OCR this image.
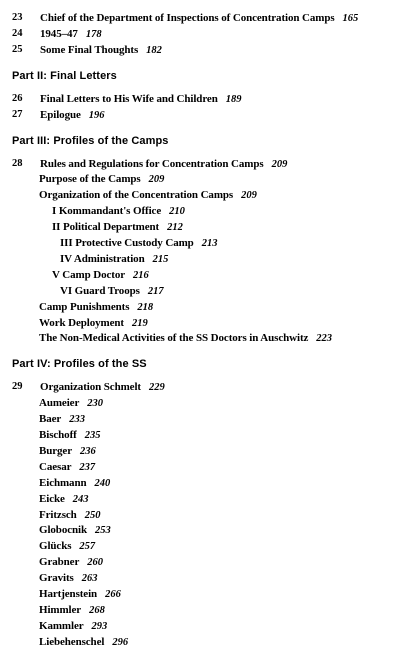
23 Chief of the Department of Inspections of Concentration Camps 165
24 1945–47 178
25 Some Final Thoughts 182
Part II: Final Letters
26 Final Letters to His Wife and Children 189
27 Epilogue 196
Part III: Profiles of the Camps
28 Rules and Regulations for Concentration Camps 209
Purpose of the Camps 209
Organization of the Concentration Camps 209
I Kommandant's Office 210
II Political Department 212
III Protective Custody Camp 213
IV Administration 215
V Camp Doctor 216
VI Guard Troops 217
Camp Punishments 218
Work Deployment 219
The Non-Medical Activities of the SS Doctors in Auschwitz 223
Part IV: Profiles of the SS
29 Organization Schmelt 229
Aumeier 230
Baer 233
Bischoff 235
Burger 236
Caesar 237
Eichmann 240
Eicke 243
Fritzsch 250
Globocnik 253
Glücks 257
Grabner 260
Gravits 263
Hartjenstein 266
Himmler 268
Kammler 293
Liebehenschel 296
